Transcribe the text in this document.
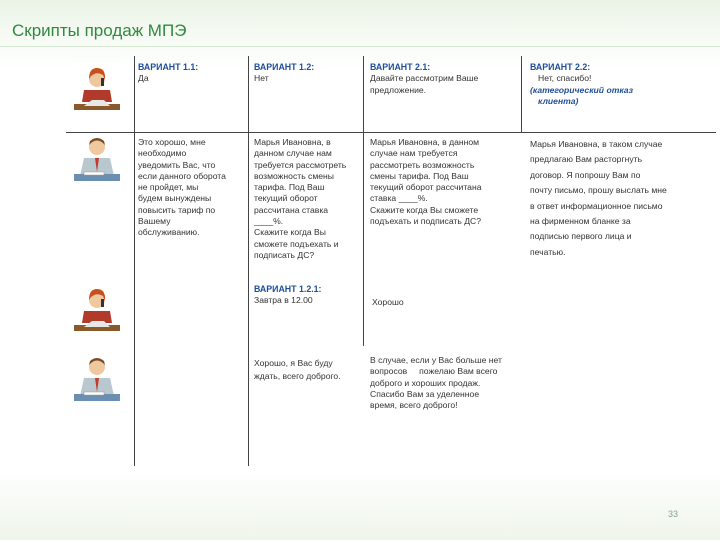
Скрипты продаж МПЭ
ВАРИАНТ 1.1:
Да
ВАРИАНТ 1.2:
Нет
ВАРИАНТ 2.1:
Давайте рассмотрим Ваше
предложение.
ВАРИАНТ 2.2:
Нет, спасибо!
(категорический отказ
клиента)
Это хорошо, мне
необходимо
уведомить Вас, что
если данного оборота
не пройдет, мы
будем вынуждены
повысить тариф по
Вашему
обслуживанию.
Марья Ивановна, в
данном случае нам
требуется рассмотреть
возможность смены
тарифа. Под Ваш
текущий оборот
рассчитана ставка
____%.
Скажите когда Вы
сможете подъехать и
подписать ДС?
ВАРИАНТ 1.2.1:
Завтра в 12.00
Марья Ивановна, в данном
случае нам требуется
рассмотреть возможность
смены тарифа. Под Ваш
текущий оборот рассчитана
ставка ____%.
Скажите когда Вы сможете
подъехать и подписать ДС?
Хорошо
Марья Ивановна, в таком случае
предлагаю Вам расторгнуть
договор. Я попрошу Вам по
почту письмо, прошу выслать мне
в ответ информационное письмо
на фирменном бланке за
подписью первого лица и
печатью.
Хорошо, я Вас буду
ждать, всего доброго.
В случае, если у Вас больше нет
вопросов     пожелаю Вам всего
доброго и хороших продаж.
Спасибо Вам за уделенное
время, всего доброго!
33
